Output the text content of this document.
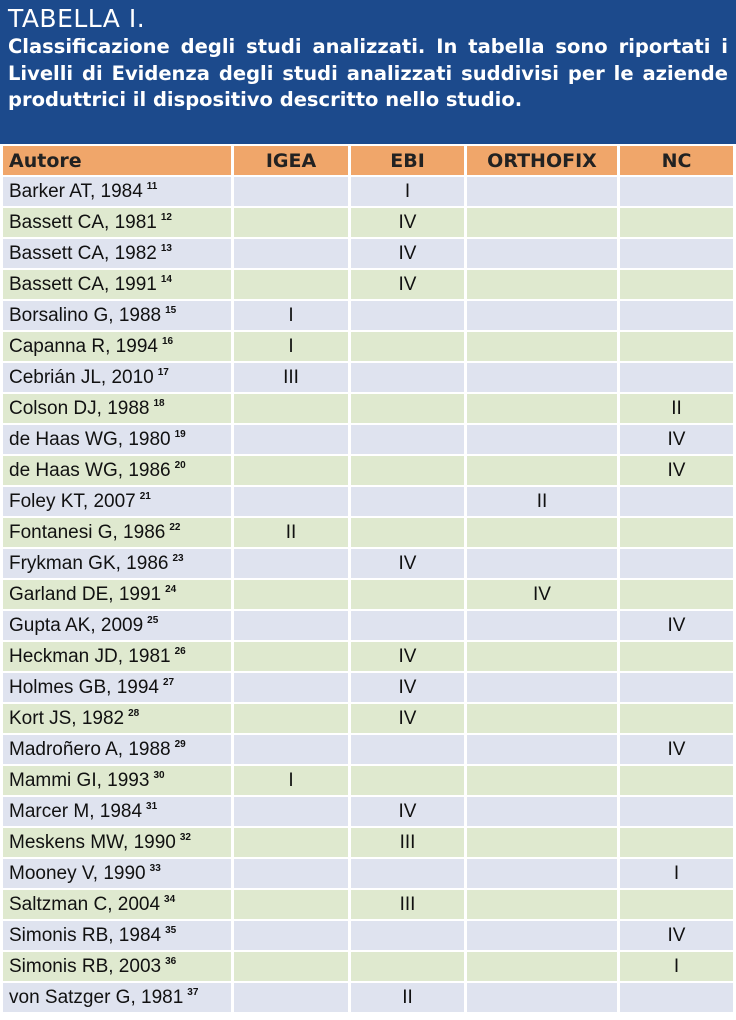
TABELLA I.
Classificazione degli studi analizzati. In tabella sono riportati i Livelli di Evidenza degli studi analizzati suddivisi per le aziende produttrici il dispositivo descritto nello studio.
Autore	IGEA	EBI	ORTHOFIX	NC
Barker AT, 1984 $^{11}$		I		
Bassett CA, 1981 $^{12}$		IV		
Bassett CA, 1982 $^{13}$		IV		
Bassett CA, 1991 $^{14}$		IV		
Borsalino G, 1988 $^{15}$	I			
Capanna R, 1994 $^{16}$	I			
Cebrián JL, 2010 $^{17}$	III			
Colson DJ, 1988 $^{18}$				II
de Haas WG, 1980 $^{19}$				IV
de Haas WG, 1986 $^{20}$				IV
Foley KT, 2007 $^{21}$			II	
Fontanesi G, 1986 $^{22}$	II			
Frykman GK, 1986 $^{23}$		IV		
Garland DE, 1991 $^{24}$			IV	
Gupta AK, 2009 $^{25}$				IV
Heckman JD, 1981 $^{26}$		IV		
Holmes GB, 1994 $^{27}$		IV		
Kort JS, 1982 $^{28}$		IV		
Madroñero A, 1988 $^{29}$				IV
Mammi GI, 1993 $^{30}$	I			
Marcer M, 1984 $^{31}$		IV		
Meskens MW, 1990 $^{32}$		III		
Mooney V, 1990 $^{33}$				I
Saltzman C, 2004 $^{34}$		III		
Simonis RB, 1984 $^{35}$				IV
Simonis RB, 2003 $^{36}$				I
von Satzger G, 1981 $^{37}$		II		
